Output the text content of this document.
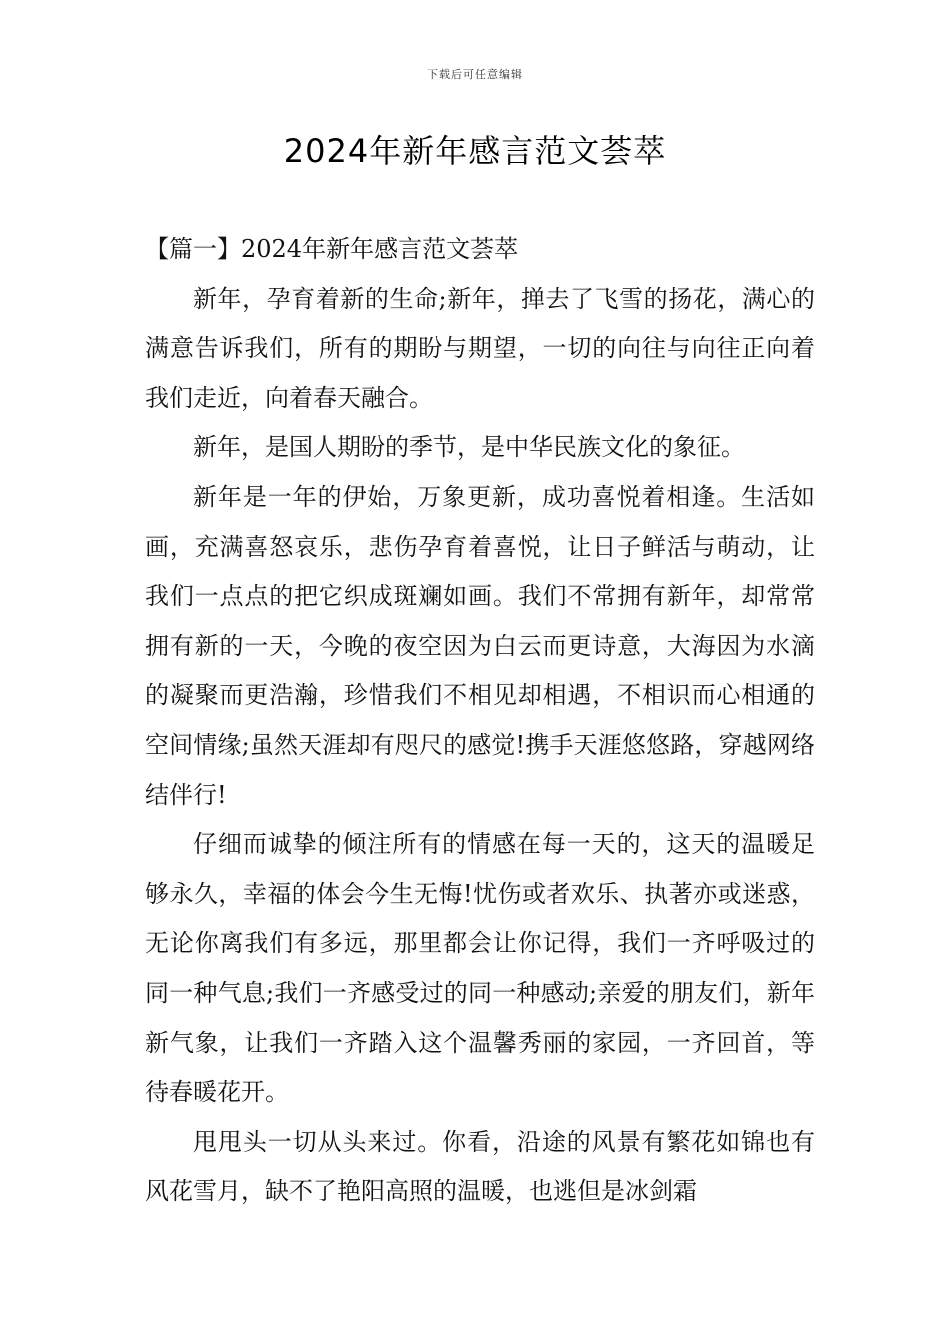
下载后可任意编辑
2024年新年感言范文荟萃

【篇一】2024年新年感言范文荟萃

新年，孕育着新的生命;新年，掸去了飞雪的扬花，满心的满意告诉我们，所有的期盼与期望，一切的向往与向往正向着我们走近，向着春天融合。

新年，是国人期盼的季节，是中华民族文化的象征。

新年是一年的伊始，万象更新，成功喜悦着相逢。生活如画，充满喜怒哀乐，悲伤孕育着喜悦，让日子鲜活与萌动，让我们一点点的把它织成斑斓如画。我们不常拥有新年，却常常拥有新的一天，今晚的夜空因为白云而更诗意，大海因为水滴的凝聚而更浩瀚，珍惜我们不相见却相遇，不相识而心相通的空间情缘;虽然天涯却有咫尺的感觉!携手天涯悠悠路，穿越网络结伴行!

仔细而诚挚的倾注所有的情感在每一天的，这天的温暖足够永久，幸福的体会今生无悔!忧伤或者欢乐、执著亦或迷惑，无论你离我们有多远，那里都会让你记得，我们一齐呼吸过的同一种气息;我们一齐感受过的同一种感动;亲爱的朋友们，新年新气象，让我们一齐踏入这个温馨秀丽的家园，一齐回首，等待春暖花开。

甩甩头一切从头来过。你看，沿途的风景有繁花如锦也有风花雪月，缺不了艳阳高照的温暖，也逃但是冰剑霜
